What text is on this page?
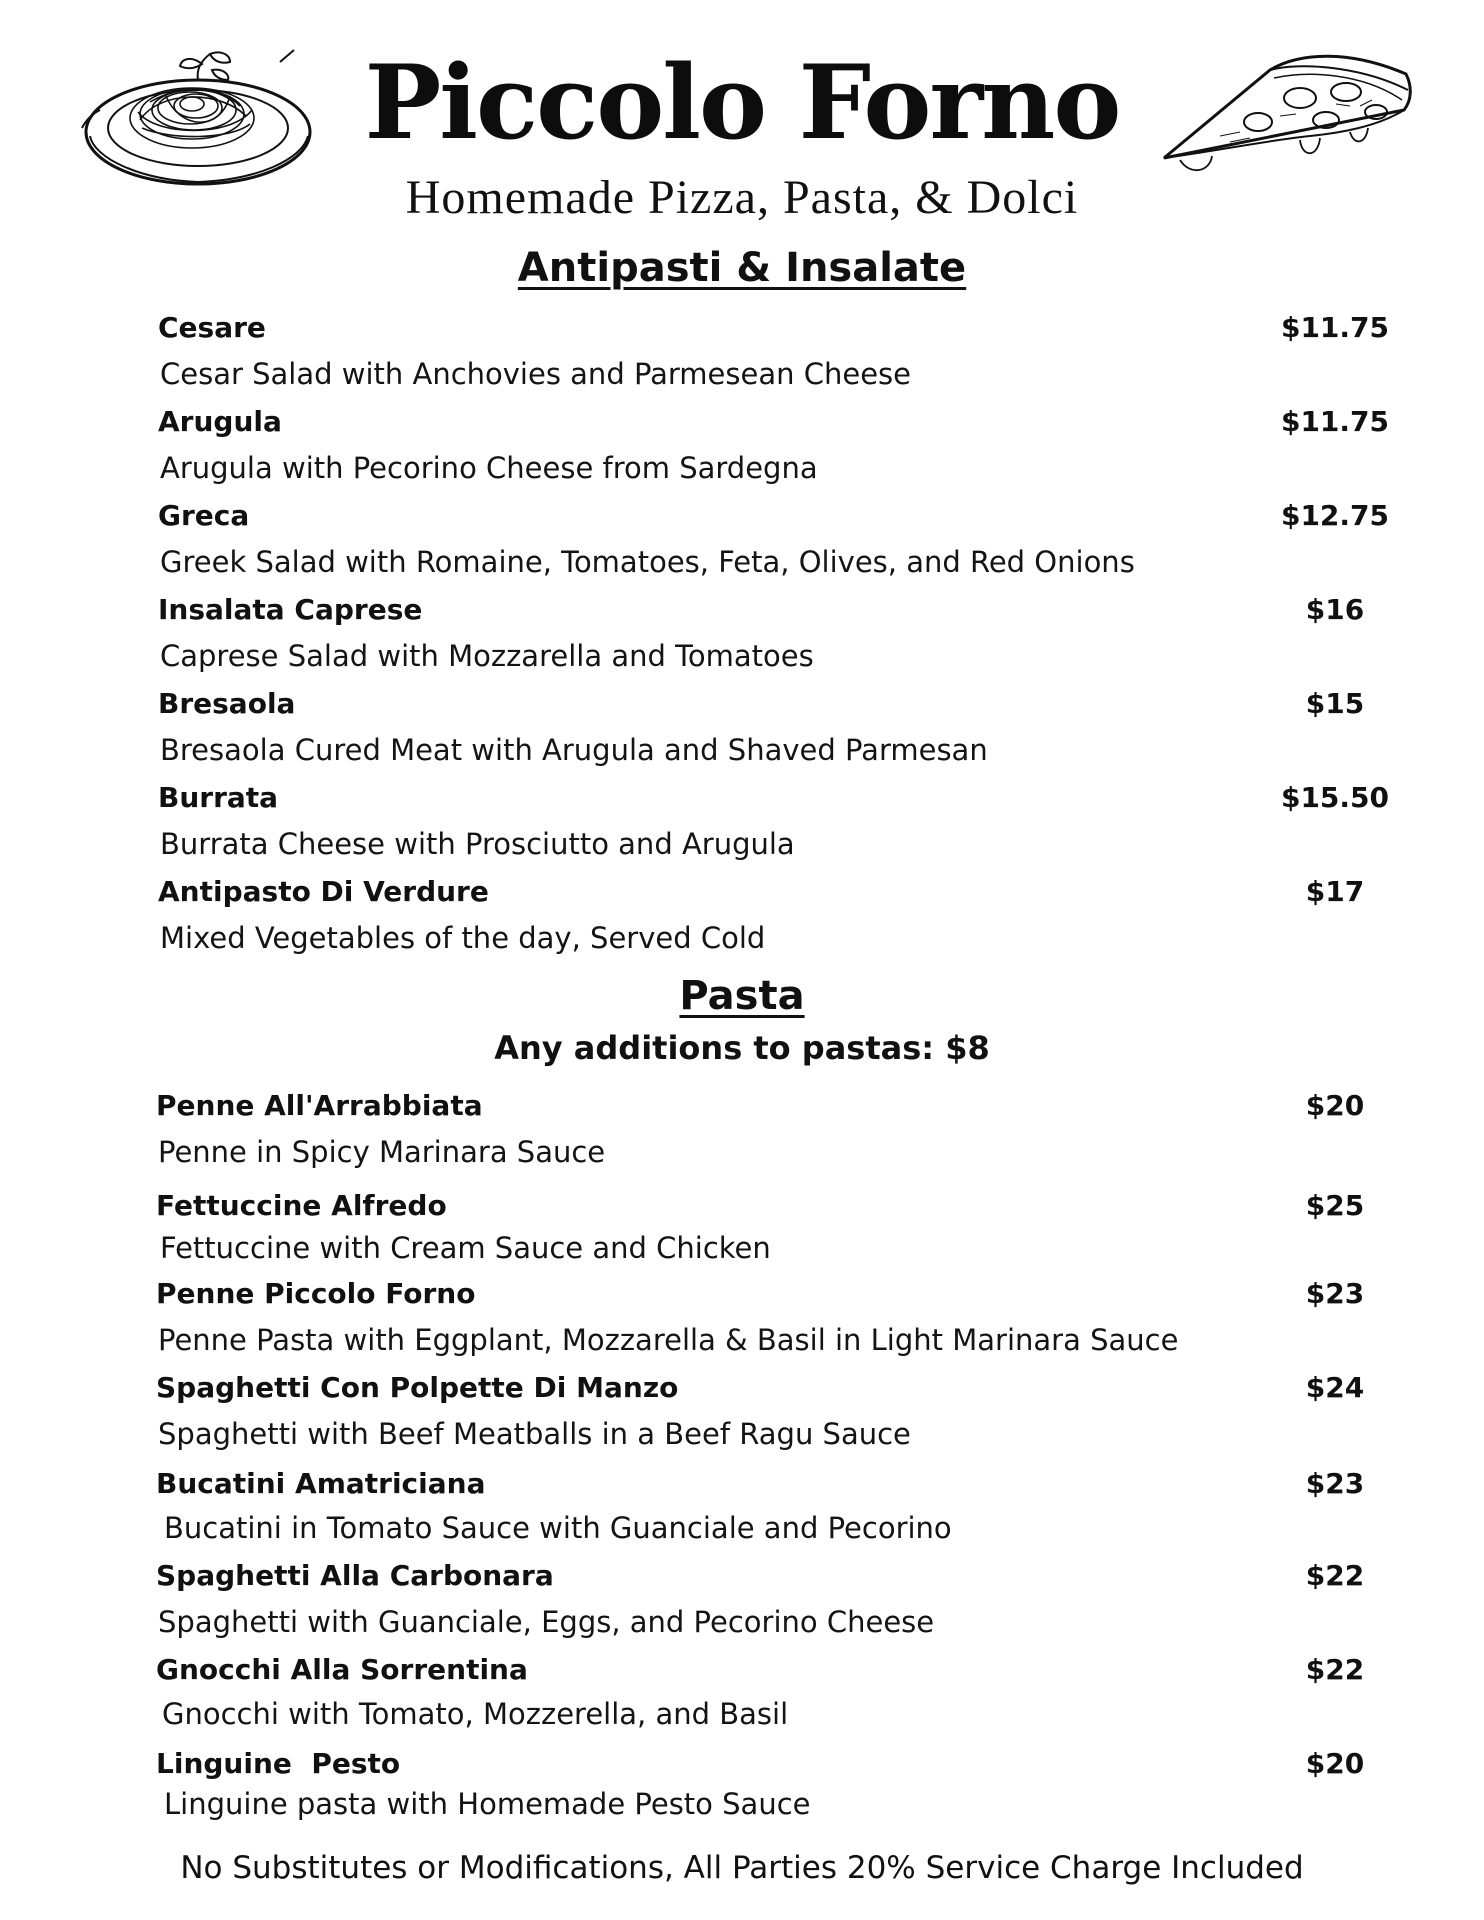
Piccolo Forno
Homemade Pizza, Pasta, & Dolci
Antipasti & Insalate
Cesare	$11.75
Cesar Salad with Anchovies and Parmesean Cheese
Arugula	$11.75
Arugula with Pecorino Cheese from Sardegna
Greca	$12.75
Greek Salad with Romaine, Tomatoes, Feta, Olives, and Red Onions
Insalata Caprese	$16
Caprese Salad with Mozzarella and Tomatoes
Bresaola	$15
Bresaola Cured Meat with Arugula and Shaved Parmesan
Burrata	$15.50
Burrata Cheese with Prosciutto and Arugula
Antipasto Di Verdure	$17
Mixed Vegetables of the day, Served Cold
Pasta
Any additions to pastas: $8
Penne All'Arrabbiata	$20
Penne in Spicy Marinara Sauce
Fettuccine Alfredo	$25
Fettuccine with Cream Sauce and Chicken
Penne Piccolo Forno	$23
Penne Pasta with Eggplant, Mozzarella & Basil in Light Marinara Sauce
Spaghetti Con Polpette Di Manzo	$24
Spaghetti with Beef Meatballs in a Beef Ragu Sauce
Bucatini Amatriciana	$23
Bucatini in Tomato Sauce with Guanciale and Pecorino
Spaghetti Alla Carbonara	$22
Spaghetti with Guanciale, Eggs, and Pecorino Cheese
Gnocchi Alla Sorrentina	$22
Gnocchi with Tomato, Mozzerella, and Basil
Linguine  Pesto	$20
Linguine pasta with Homemade Pesto Sauce
No Substitutes or Modifications, All Parties 20% Service Charge Included
